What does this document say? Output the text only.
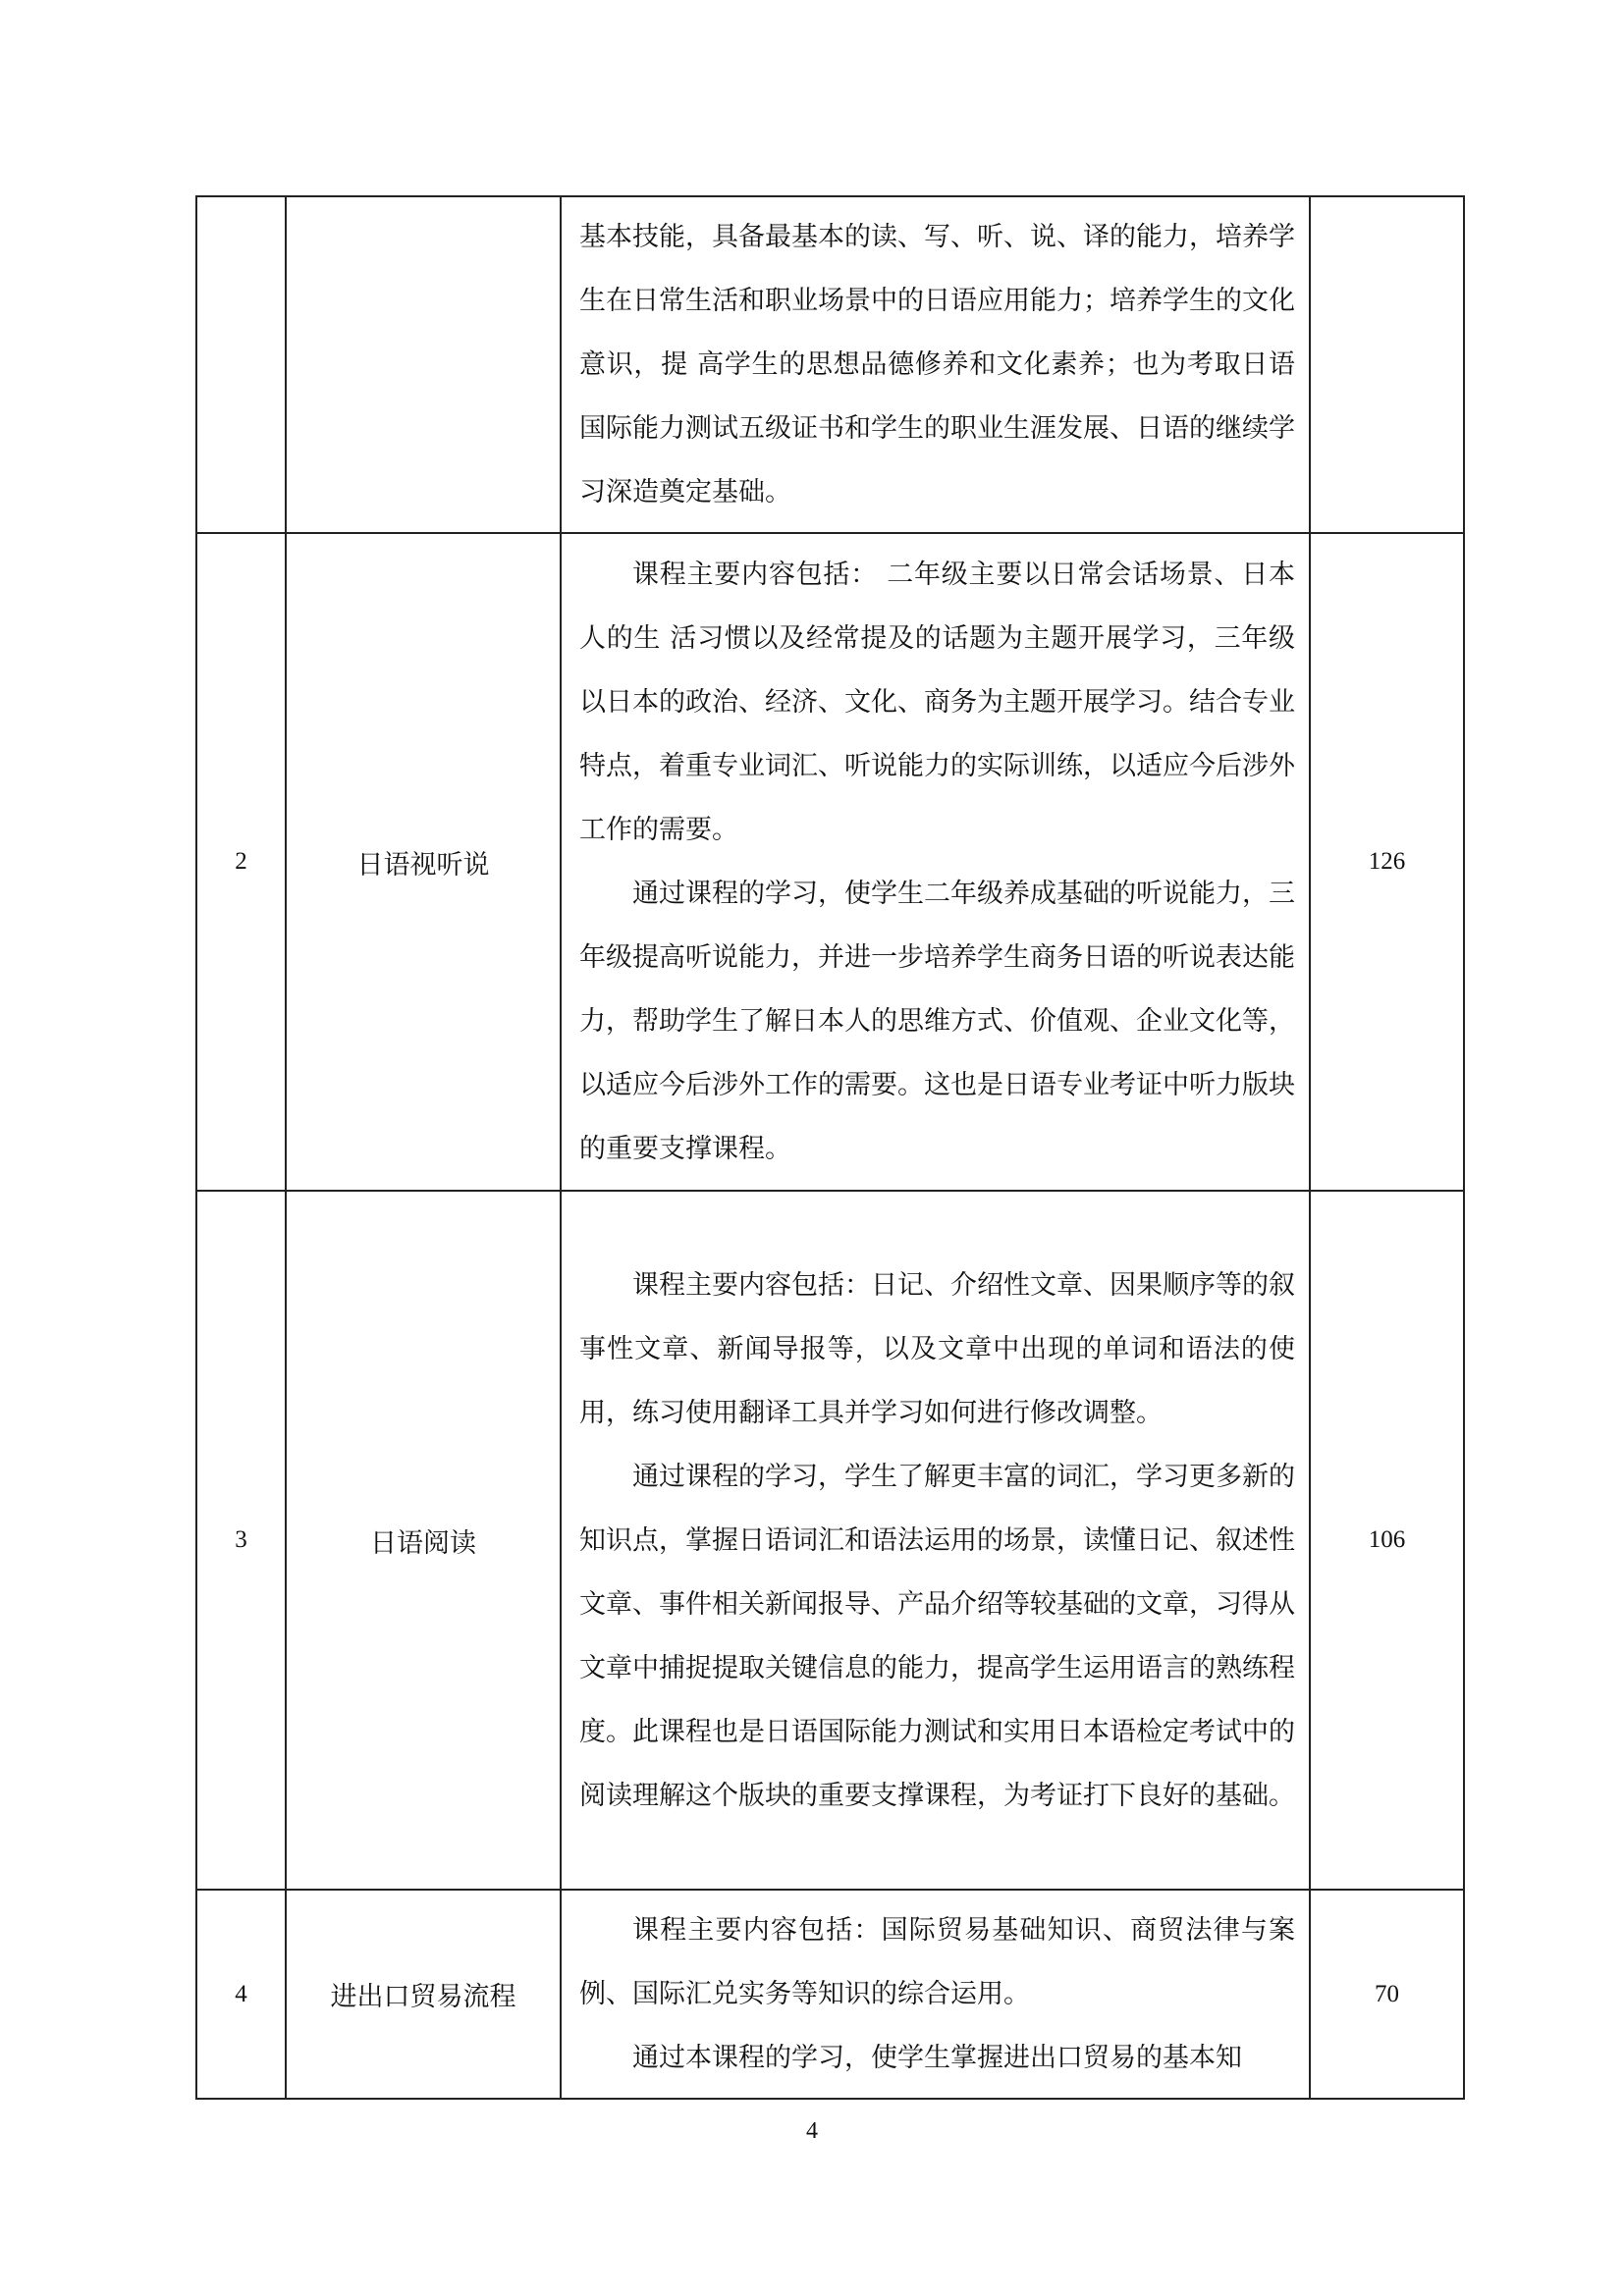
		基本技能，具备最基本的读、写、听、说、译的能力，培养学生在日常生活和职业场景中的日语应用能力；培养学生的文化意识，提 高学生的思想品德修养和文化素养；也为考取日语国际能力测试五级证书和学生的职业生涯发展、日语的继续学习深造奠定基础。	

2	日语视听说	课程主要内容包括： 二年级主要以日常会话场景、日本人的生 活习惯以及经常提及的话题为主题开展学习，三年级以日本的政治、经济、文化、商务为主题开展学习。结合专业特点，着重专业词汇、听说能力的实际训练，以适应今后涉外工作的需要。

通过课程的学习，使学生二年级养成基础的听说能力，三年级提高听说能力，并进一步培养学生商务日语的听说表达能力，帮助学生了解日本人的思维方式、价值观、企业文化等，以适应今后涉外工作的需要。这也是日语专业考证中听力版块的重要支撑课程。	126
3	日语阅读	课程主要内容包括：日记、介绍性文章、因果顺序等的叙事性文章、新闻导报等，以及文章中出现的单词和语法的使用，练习使用翻译工具并学习如何进行修改调整。

通过课程的学习，学生了解更丰富的词汇，学习更多新的知识点，掌握日语词汇和语法运用的场景，读懂日记、叙述性文章、事件相关新闻报导、产品介绍等较基础的文章，习得从文章中捕捉提取关键信息的能力，提高学生运用语言的熟练程度。此课程也是日语国际能力测试和实用日本语检定考试中的阅读理解这个版块的重要支撑课程，为考证打下良好的基础。	106
4	进出口贸易流程	课程主要内容包括：国际贸易基础知识、商贸法律与案例、国际汇兑实务等知识的综合运用。

通过本课程的学习，使学生掌握进出口贸易的基本知	70
4
